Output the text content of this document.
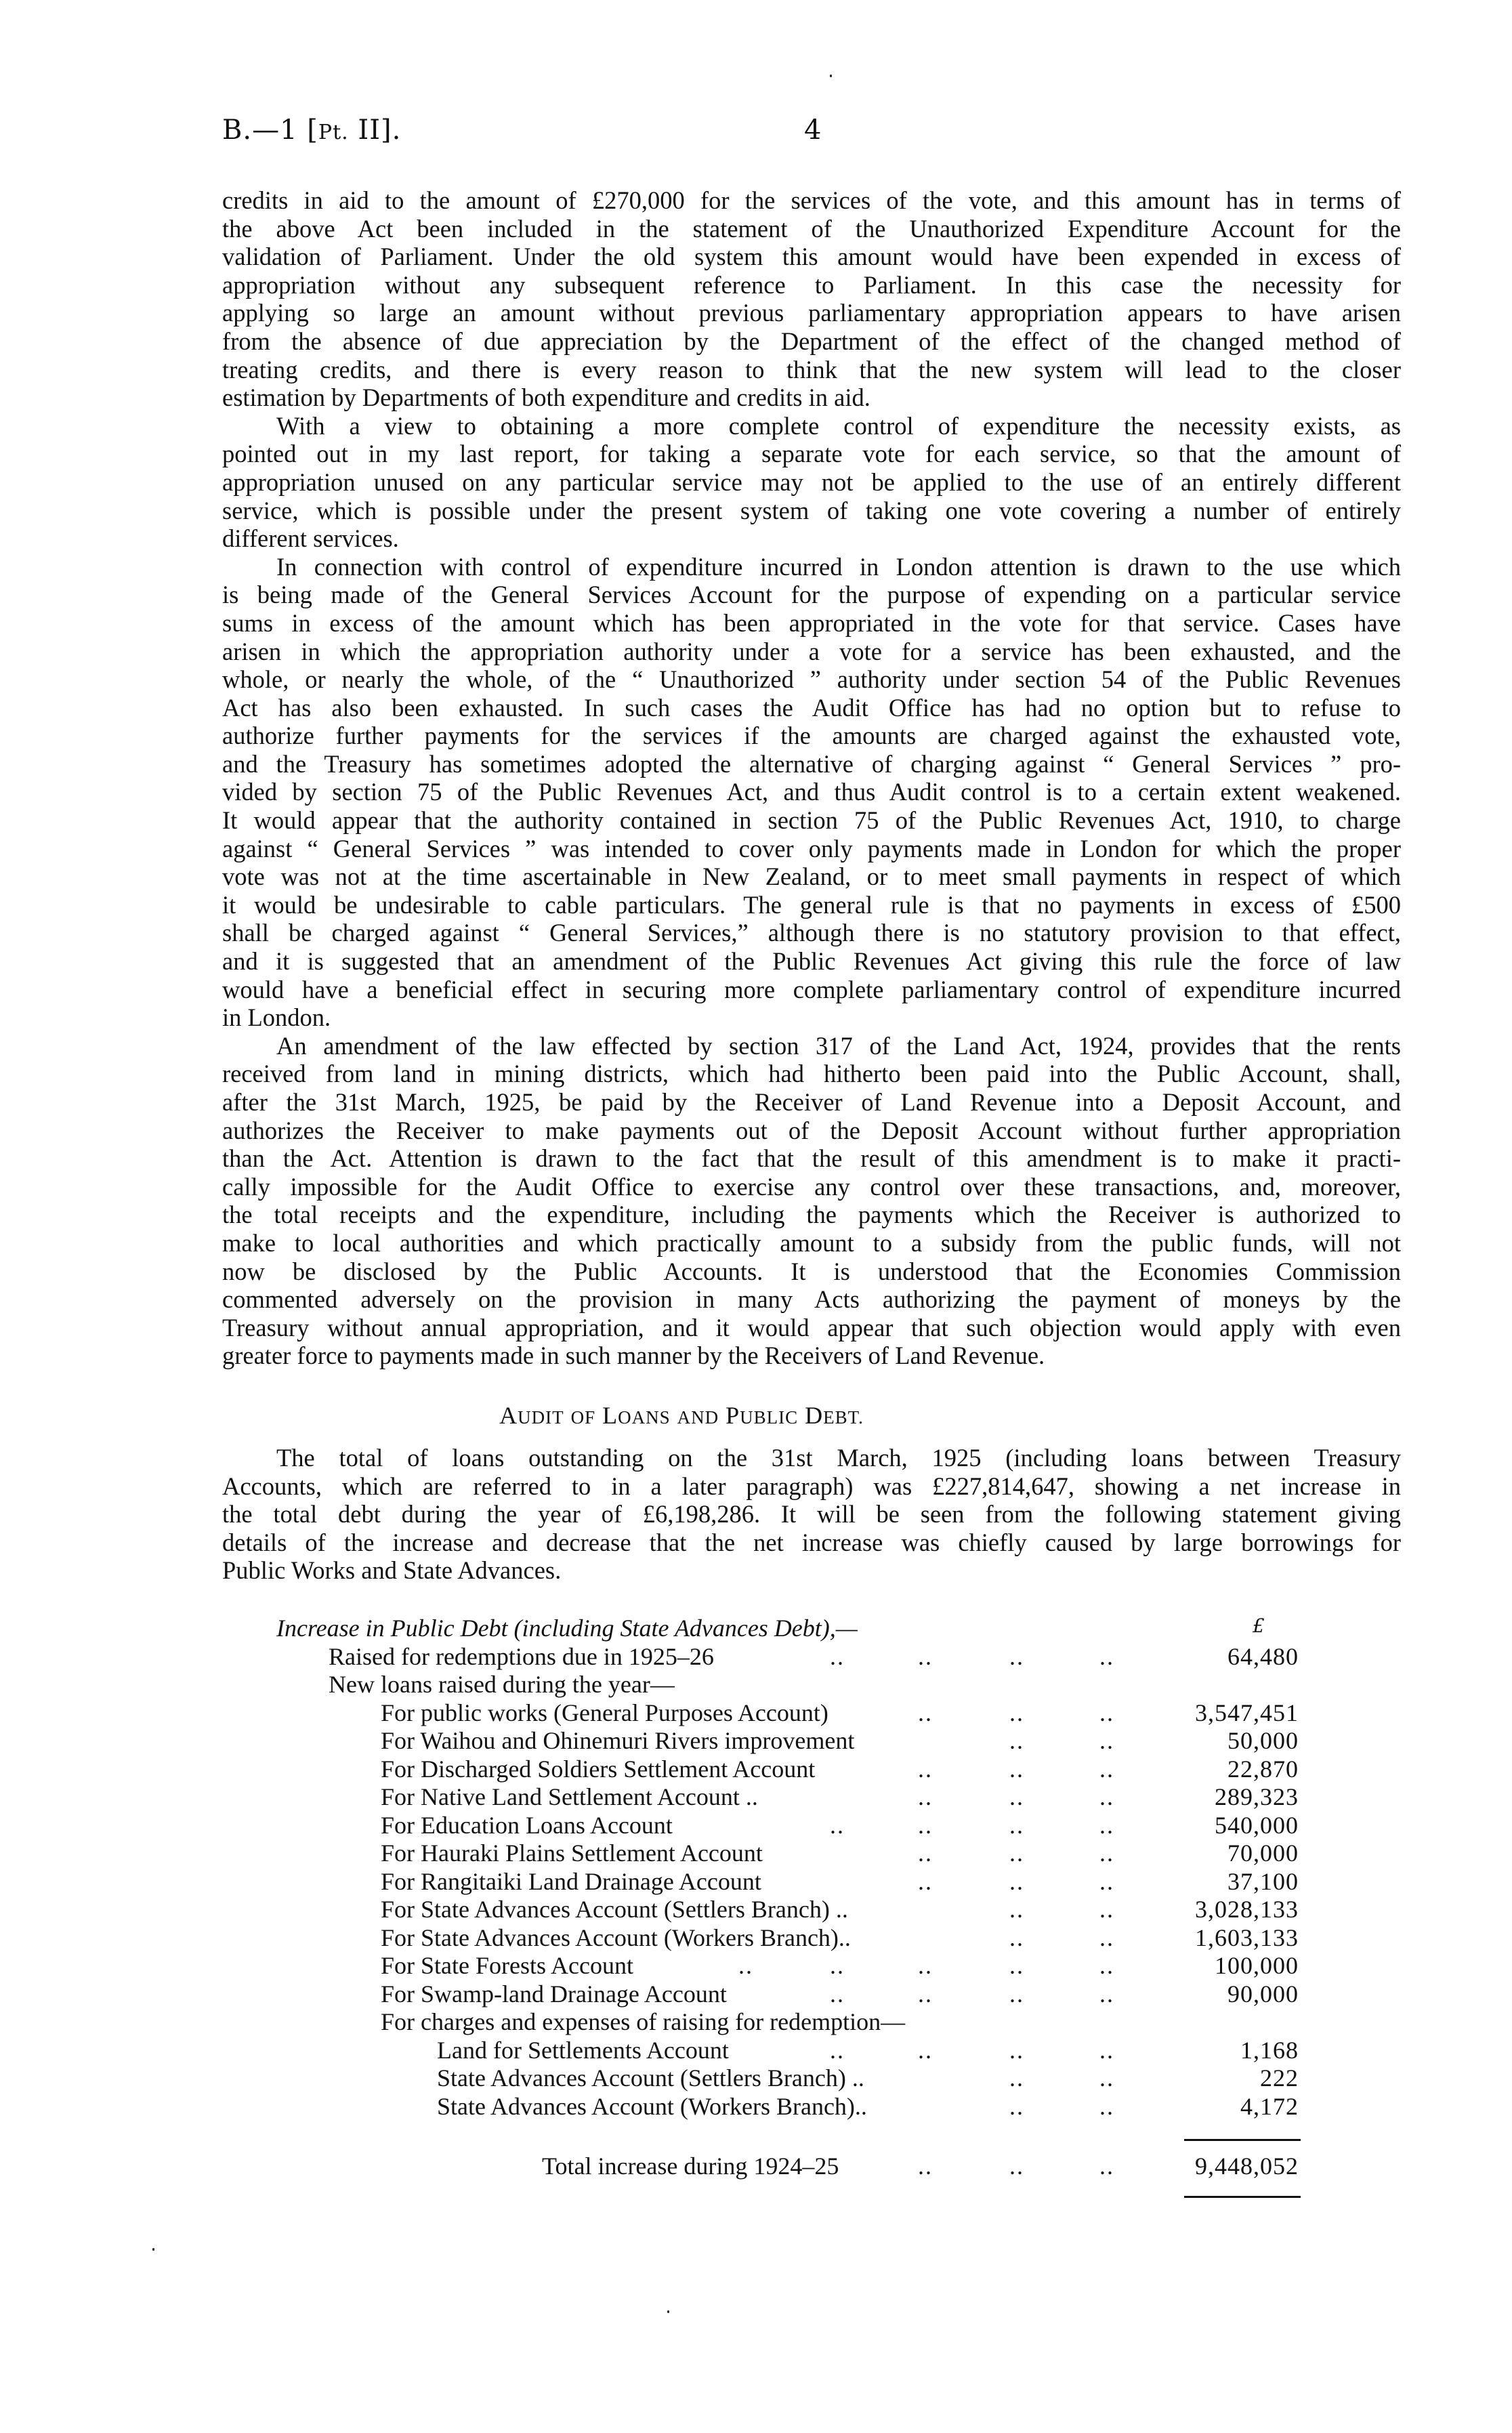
B.—1 [Pt. II].	4
credits in aid to the amount of £270,000 for the services of the vote, and this amount has in terms of
the above Act been included in the statement of the Unauthorized Expenditure Account for the
validation of Parliament. Under the old system this amount would have been expended in excess of
appropriation without any subsequent reference to Parliament. In this case the necessity for
applying so large an amount without previous parliamentary appropriation appears to have arisen
from the absence of due appreciation by the Department of the effect of the changed method of
treating credits, and there is every reason to think that the new system will lead to the closer
estimation by Departments of both expenditure and credits in aid.
With a view to obtaining a more complete control of expenditure the necessity exists, as
pointed out in my last report, for taking a separate vote for each service, so that the amount of
appropriation unused on any particular service may not be applied to the use of an entirely different
service, which is possible under the present system of taking one vote covering a number of entirely
different services.
In connection with control of expenditure incurred in London attention is drawn to the use which
is being made of the General Services Account for the purpose of expending on a particular service
sums in excess of the amount which has been appropriated in the vote for that service. Cases have
arisen in which the appropriation authority under a vote for a service has been exhausted, and the
whole, or nearly the whole, of the “ Unauthorized ” authority under section 54 of the Public Revenues
Act has also been exhausted. In such cases the Audit Office has had no option but to refuse to
authorize further payments for the services if the amounts are charged against the exhausted vote,
and the Treasury has sometimes adopted the alternative of charging against “ General Services ” pro-
vided by section 75 of the Public Revenues Act, and thus Audit control is to a certain extent weakened.
It would appear that the authority contained in section 75 of the Public Revenues Act, 1910, to charge
against “ General Services ” was intended to cover only payments made in London for which the proper
vote was not at the time ascertainable in New Zealand, or to meet small payments in respect of which
it would be undesirable to cable particulars. The general rule is that no payments in excess of £500
shall be charged against “ General Services,” although there is no statutory provision to that effect,
and it is suggested that an amendment of the Public Revenues Act giving this rule the force of law
would have a beneficial effect in securing more complete parliamentary control of expenditure incurred
in London.
An amendment of the law effected by section 317 of the Land Act, 1924, provides that the rents
received from land in mining districts, which had hitherto been paid into the Public Account, shall,
after the 31st March, 1925, be paid by the Receiver of Land Revenue into a Deposit Account, and
authorizes the Receiver to make payments out of the Deposit Account without further appropriation
than the Act. Attention is drawn to the fact that the result of this amendment is to make it practi-
cally impossible for the Audit Office to exercise any control over these transactions, and, moreover,
the total receipts and the expenditure, including the payments which the Receiver is authorized to
make to local authorities and which practically amount to a subsidy from the public funds, will not
now be disclosed by the Public Accounts. It is understood that the Economies Commission
commented adversely on the provision in many Acts authorizing the payment of moneys by the
Treasury without annual appropriation, and it would appear that such objection would apply with even
greater force to payments made in such manner by the Receivers of Land Revenue.
AUDIT OF LOANS AND PUBLIC DEBT.
The total of loans outstanding on the 31st March, 1925 (including loans between Treasury
Accounts, which are referred to in a later paragraph) was £227,814,647, showing a net increase in
the total debt during the year of £6,198,286. It will be seen from the following statement giving
details of the increase and decrease that the net increase was chiefly caused by large borrowings for
Public Works and State Advances.
£
Increase in Public Debt (including State Advances Debt),—
Raised for redemptions due in 1925–26	..	..	..	..	64,480
New loans raised during the year—
For public works (General Purposes Account)	..	..	..	3,547,451
For Waihou and Ohinemuri Rivers improvement	..	..	50,000
For Discharged Soldiers Settlement Account	..	..	..	22,870
For Native Land Settlement Account ..	..	..	..	289,323
For Education Loans Account	..	..	..	..	540,000
For Hauraki Plains Settlement Account	..	..	..	70,000
For Rangitaiki Land Drainage Account	..	..	..	37,100
For State Advances Account (Settlers Branch) ..	..	..	3,028,133
For State Advances Account (Workers Branch)..	..	..	1,603,133
For State Forests Account	..	..	..	..	..	100,000
For Swamp-land Drainage Account	..	..	..	..	90,000
For charges and expenses of raising for redemption—
Land for Settlements Account	..	..	..	..	1,168
State Advances Account (Settlers Branch) ..	..	..	222
State Advances Account (Workers Branch)..	..	..	4,172
Total increase during 1924–25	..	..	..	9,448,052
